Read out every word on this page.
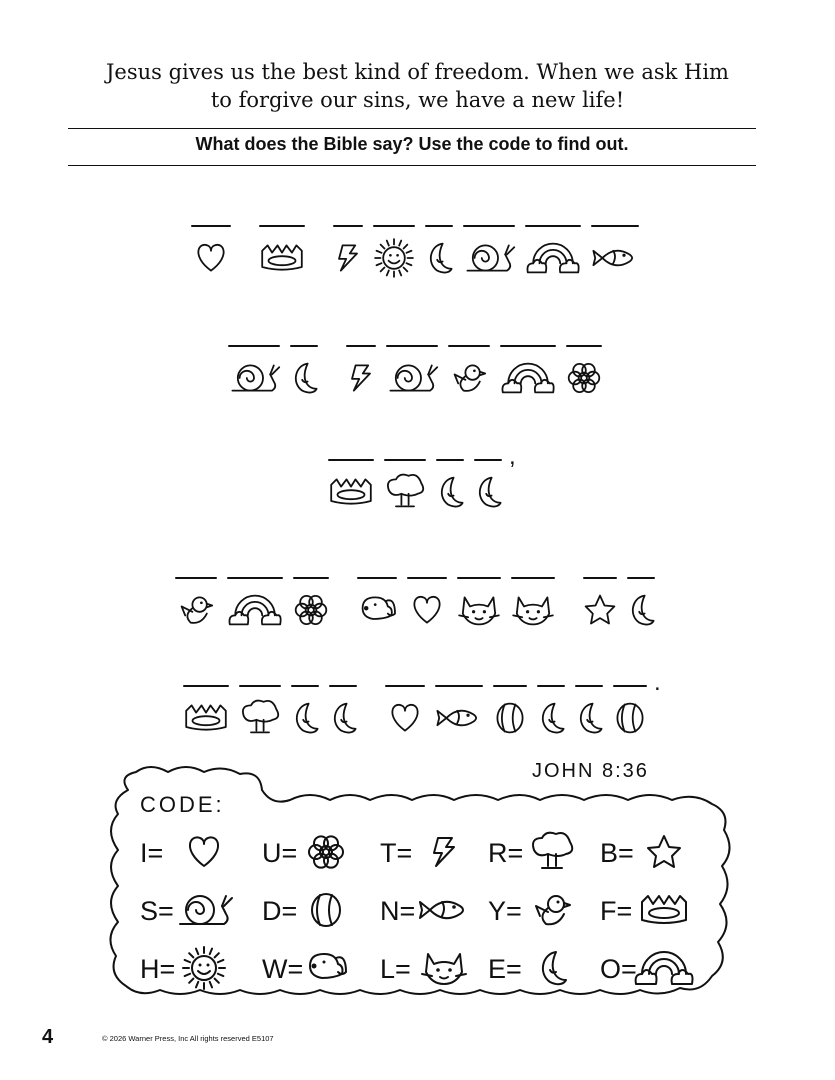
Jesus gives us the best kind of freedom. When we ask Him
to forgive our sins, we have a new life!
What does the Bible say? Use the code to find out.
,
.
I=	U=	T=	R=	B=
S=	D=	N=	Y=	F=
H=	W=	L=	E=	O=
JOHN 8:36
CODE:
4	© 2026 Warner Press, Inc All rights reserved E5107
